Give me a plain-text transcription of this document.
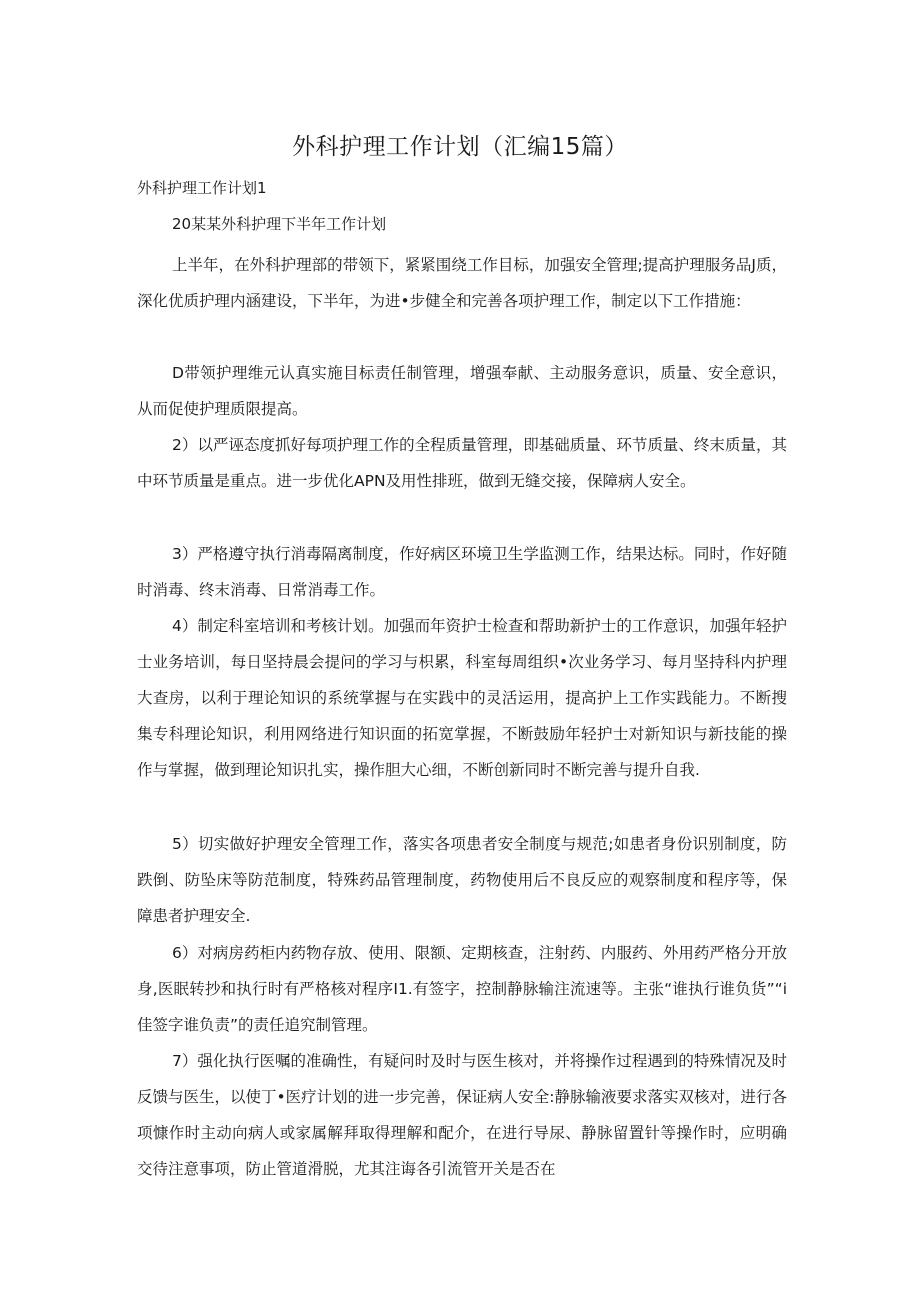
外科护理工作计划（汇编15篇）

外科护理工作计划1

20某某外科护理下半年工作计划

上半年，在外科护理部的带领下，紧紧围绕工作目标，加强安全管理;提高护理服务品J质，深化优质护理内涵建设，下半年，为进•步健全和完善各项护理工作，制定以下工作措施：

D带领护理维元认真实施目标责任制管理，增强奉献、主动服务意识，质量、安全意识，从而促使护理质限提高。

2）以严诬态度抓好每项护理工作的全程质量管理，即基础质量、环节质量、终末质量，其中环节质量是重点。进一步优化APN及用性排班，做到无缝交接，保障病人安全。

3）严格遵守执行消毒隔离制度，作好病区环境卫生学监测工作，结果达标。同时，作好随时消毒、终末消毒、日常消毒工作。

4）制定科室培训和考核计划。加强而年资护士检查和帮助新护士的工作意识，加强年轻护士业务培训，每日坚持晨会提问的学习与枳累，科室每周组织•次业务学习、每月坚持科内护理大查房，以利于理论知识的系统掌握与在实践中的灵活运用，提高护上工作实践能力。不断搜集专科理论知识，利用网络进行知识面的拓宽掌握，不断鼓励年轻护士对新知识与新技能的操作与掌握，做到理论知识扎实，操作胆大心细，不断创新同时不断完善与提升自我.

5）切实做好护理安全管理工作，落实各项患者安全制度与规范;如患者身份识别制度，防跌倒、防坠床等防范制度，特殊药品管理制度，药物使用后不良反应的观察制度和程序等，保障患者护理安全.

6）对病房药柜内药物存放、使用、限额、定期核查，注射药、内服药、外用药严格分开放身,医眠转抄和执行时有严格核对程序I1.有签字，控制静脉输注流速等。主张“谁执行谁负货”“i佳签字谁负责”的责任追究制管理。

7）强化执行医嘱的准确性，有疑问时及时与医生核对，并将操作过程遇到的特殊情况及时反馈与医生，以使丁•医疗计划的进一步完善，保证病人安全:静脉输液要求落实双核对，进行各项慷作时主动向病人或家属解拜取得理解和配介，在进行导尿、静脉留置针等操作时，应明确交待注意事项，防止管道滑脱，尤其注诲各引流管开关是否在
